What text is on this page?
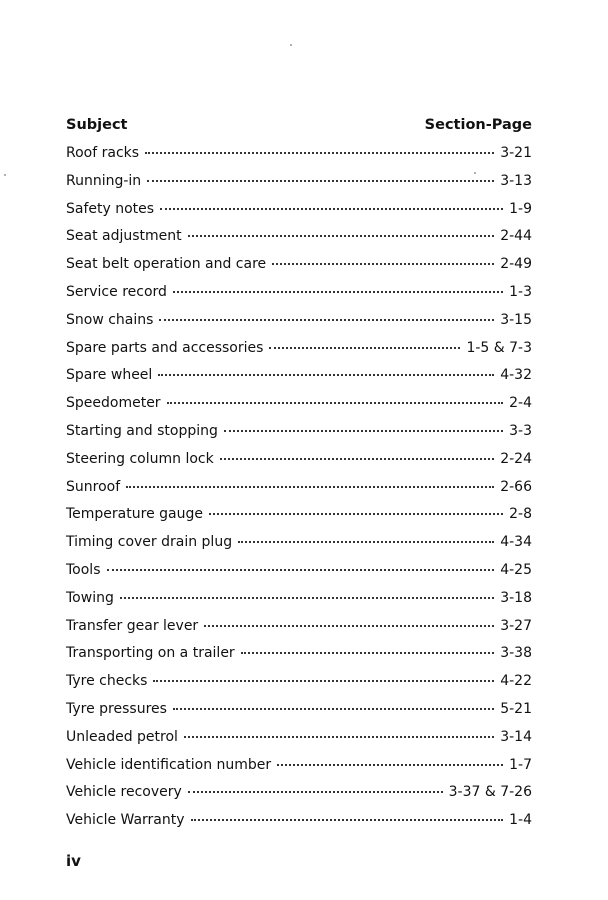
Subject	Section-Page
Roof racks	3-21
Running-in	3-13
Safety notes	1-9
Seat adjustment	2-44
Seat belt operation and care	2-49
Service record	1-3
Snow chains	3-15
Spare parts and accessories	1-5 & 7-3
Spare wheel	4-32
Speedometer	2-4
Starting and stopping	3-3
Steering column lock	2-24
Sunroof	2-66
Temperature gauge	2-8
Timing cover drain plug	4-34
Tools	4-25
Towing	3-18
Transfer gear lever	3-27
Transporting on a trailer	3-38
Tyre checks	4-22
Tyre pressures	5-21
Unleaded petrol	3-14
Vehicle identification number	1-7
Vehicle recovery	3-37 & 7-26
Vehicle Warranty	1-4
iv
